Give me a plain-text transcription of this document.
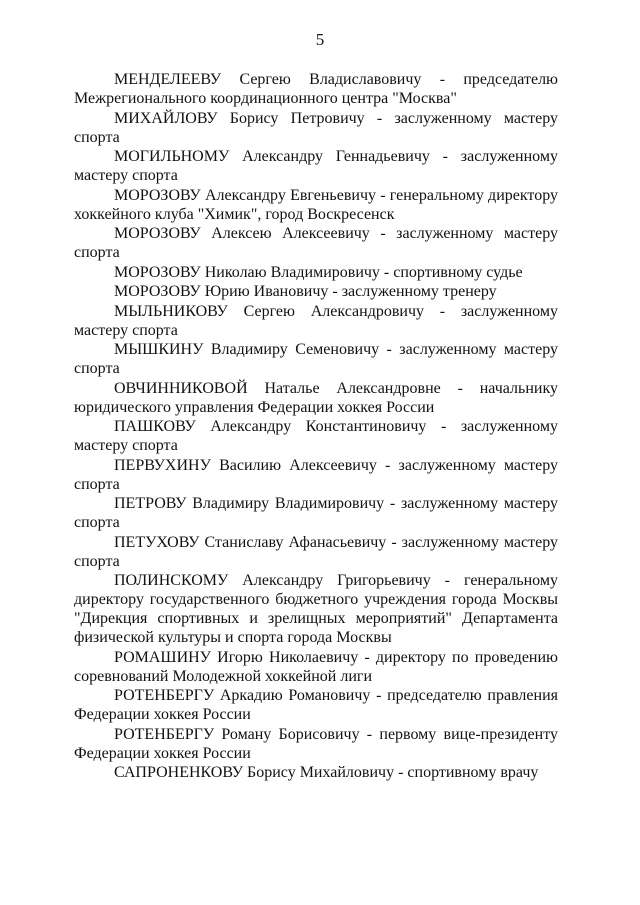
5

МЕНДЕЛЕЕВУ Сергею Владиславовичу - председателю Межрегионального координационного центра "Москва"

МИХАЙЛОВУ Борису Петровичу - заслуженному мастеру спорта

МОГИЛЬНОМУ Александру Геннадьевичу - заслуженному мастеру спорта

МОРОЗОВУ Александру Евгеньевичу - генеральному директору хоккейного клуба "Химик", город Воскресенск

МОРОЗОВУ Алексею Алексеевичу - заслуженному мастеру спорта

МОРОЗОВУ Николаю Владимировичу - спортивному судье

МОРОЗОВУ Юрию Ивановичу - заслуженному тренеру

МЫЛЬНИКОВУ Сергею Александровичу - заслуженному мастеру спорта

МЫШКИНУ Владимиру Семеновичу - заслуженному мастеру спорта

ОВЧИННИКОВОЙ Наталье Александровне - начальнику юридического управления Федерации хоккея России

ПАШКОВУ Александру Константиновичу - заслуженному мастеру спорта

ПЕРВУХИНУ Василию Алексеевичу - заслуженному мастеру спорта

ПЕТРОВУ Владимиру Владимировичу - заслуженному мастеру спорта

ПЕТУХОВУ Станиславу Афанасьевичу - заслуженному мастеру спорта

ПОЛИНСКОМУ Александру Григорьевичу - генеральному директору государственного бюджетного учреждения города Москвы "Дирекция спортивных и зрелищных мероприятий" Департамента физической культуры и спорта города Москвы

РОМАШИНУ Игорю Николаевичу - директору по проведению соревнований Молодежной хоккейной лиги

РОТЕНБЕРГУ Аркадию Романовичу - председателю правления Федерации хоккея России

РОТЕНБЕРГУ Роману Борисовичу - первому вице-президенту Федерации хоккея России

САПРОНЕНКОВУ Борису Михайловичу - спортивному врачу
